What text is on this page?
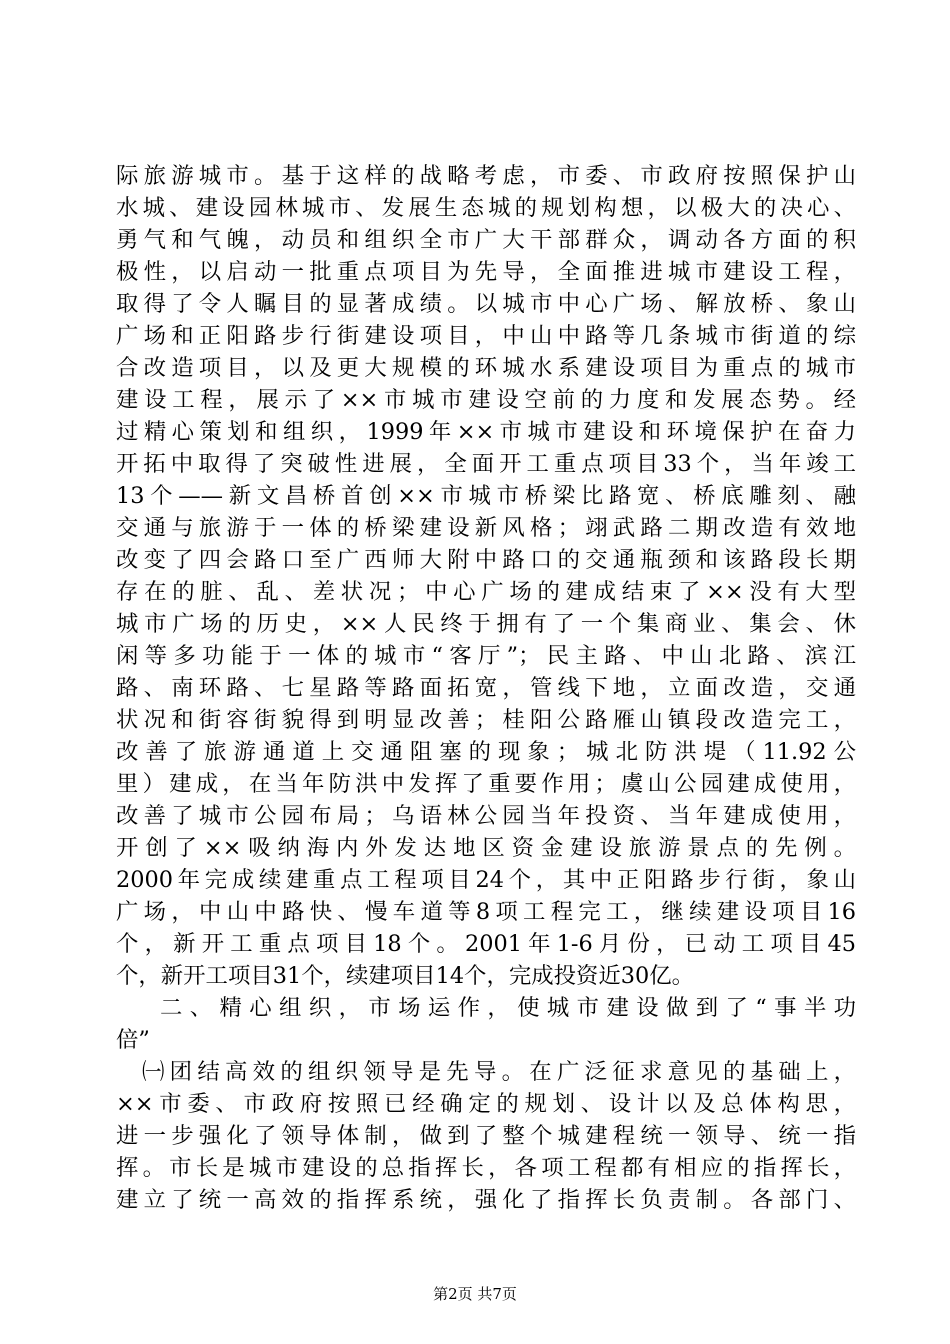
际旅游城市。基于这样的战略考虑，市委、市政府按照保护山
水城、建设园林城市、发展生态城的规划构想，以极大的决心、
勇气和气魄，动员和组织全市广大干部群众，调动各方面的积
极性，以启动一批重点项目为先导，全面推进城市建设工程，
取得了令人瞩目的显著成绩。以城市中心广场、解放桥、象山
广场和正阳路步行街建设项目，中山中路等几条城市街道的综
合改造项目，以及更大规模的环城水系建设项目为重点的城市
建设工程，展示了××市城市建设空前的力度和发展态势。经
过精心策划和组织，1999年××市城市建设和环境保护在奋力
开拓中取得了突破性进展，全面开工重点项目33个，当年竣工
13个——新文昌桥首创××市城市桥梁比路宽、桥底雕刻、融
交通与旅游于一体的桥梁建设新风格；翊武路二期改造有效地
改变了四会路口至广西师大附中路口的交通瓶颈和该路段长期
存在的脏、乱、差状况；中心广场的建成结束了××没有大型
城市广场的历史，××人民终于拥有了一个集商业、集会、休
闲等多功能于一体的城市“客厅”；民主路、中山北路、滨江
路、南环路、七星路等路面拓宽，管线下地，立面改造，交通
状况和街容街貌得到明显改善；桂阳公路雁山镇段改造完工，
改善了旅游通道上交通阻塞的现象；城北防洪堤（11.92公
里）建成，在当年防洪中发挥了重要作用；虞山公园建成使用，
改善了城市公园布局；乌语林公园当年投资、当年建成使用，
开创了××吸纳海内外发达地区资金建设旅游景点的先例。
2000年完成续建重点工程项目24个，其中正阳路步行街，象山
广场，中山中路快、慢车道等8项工程完工，继续建设项目16
个，新开工重点项目18个。2001年1-6月份，已动工项目45
个，新开工项目31个，续建项目14个，完成投资近30亿。
二、精心组织，市场运作，使城市建设做到了“事半功
倍”
㈠团结高效的组织领导是先导。在广泛征求意见的基础上，
××市委、市政府按照已经确定的规划、设计以及总体构思，
进一步强化了领导体制，做到了整个城建程统一领导、统一指
挥。市长是城市建设的总指挥长，各项工程都有相应的指挥长，
建立了统一高效的指挥系统，强化了指挥长负责制。各部门、
第2页 共7页
